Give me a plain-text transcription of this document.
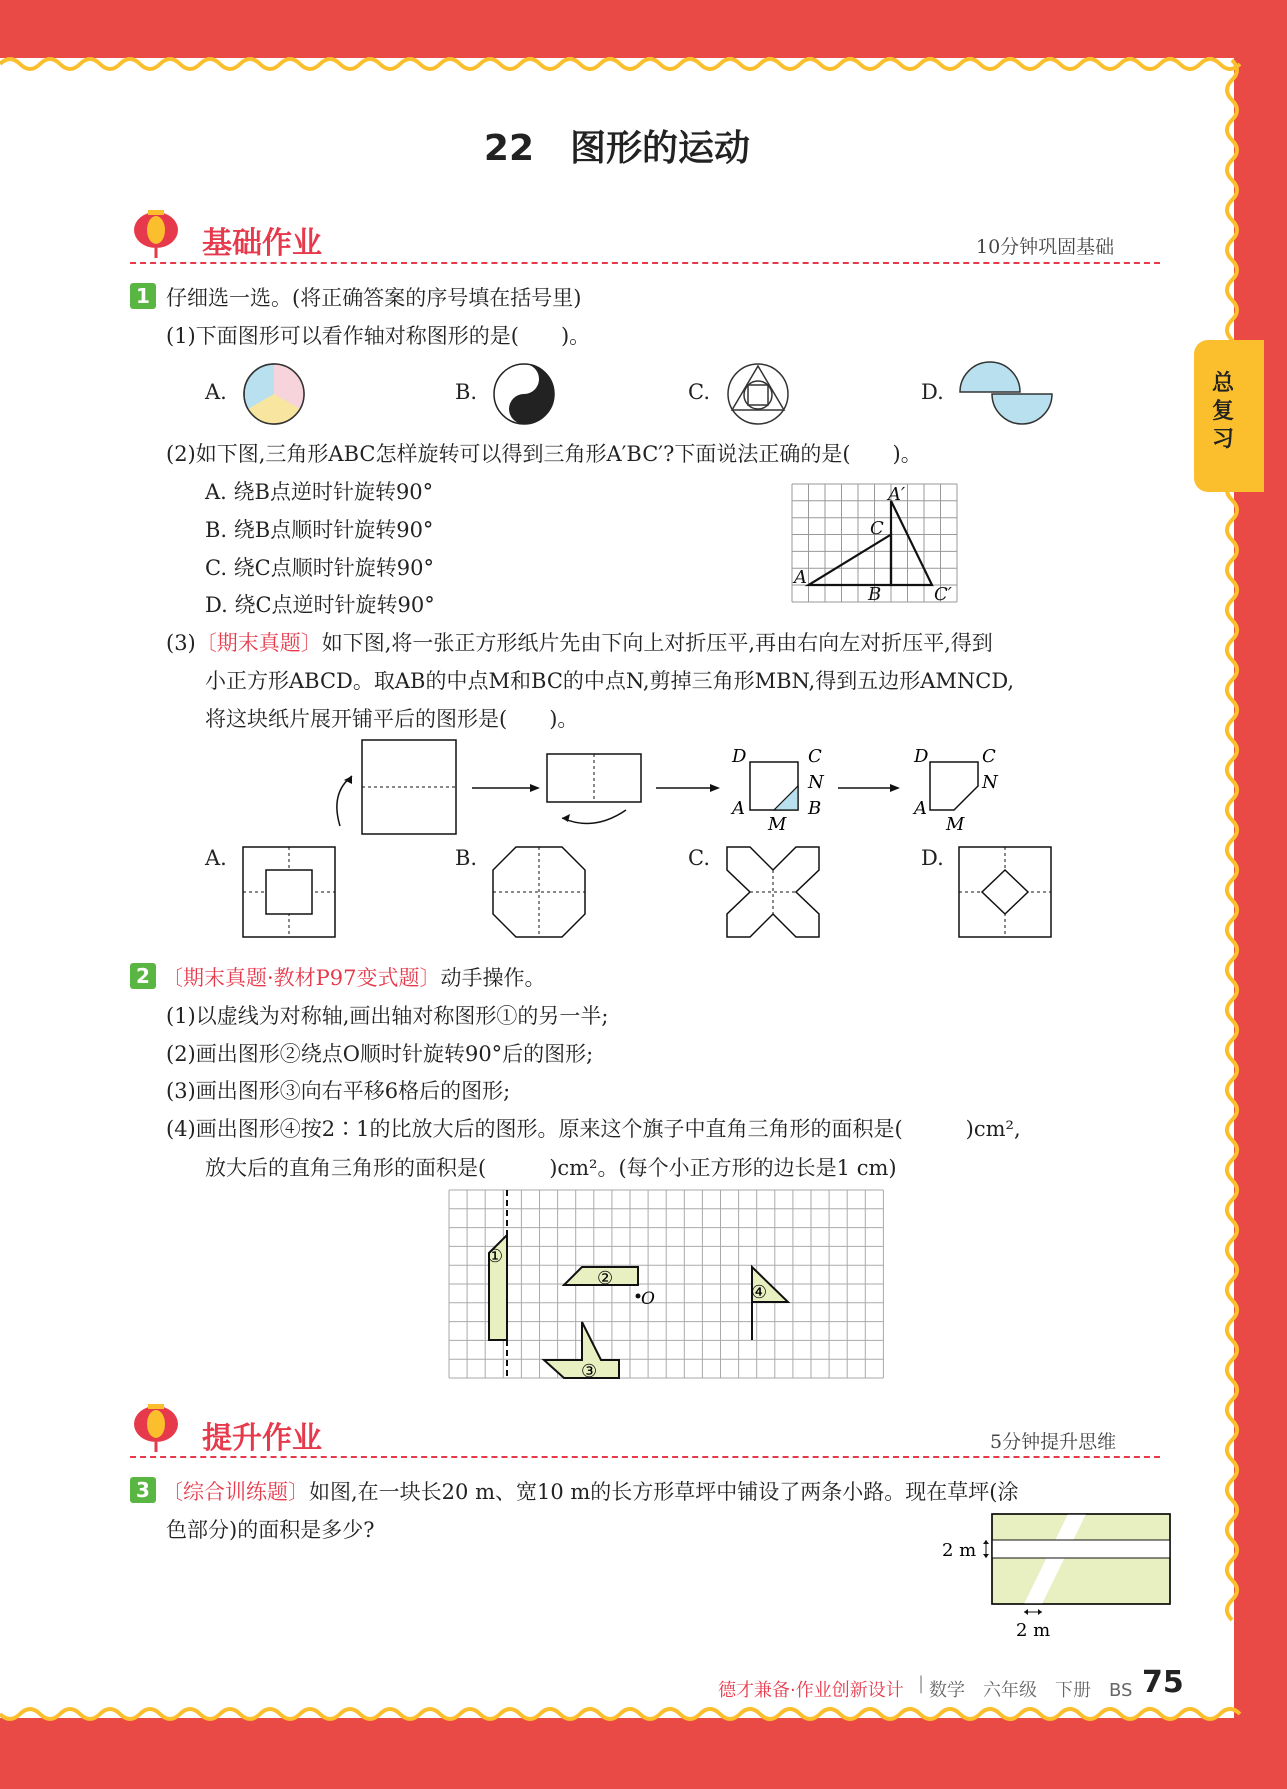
总复习
22　 图形的运动
基础作业	10分钟巩固基础
1 仔细选一选。(将正确答案的序号填在括号里)
(1)下面图形可以看作轴对称图形的是(　　)。
A.	B.	C.	D.
(2)如下图,三角形ABC怎样旋转可以得到三角形A′BC′?下面说法正确的是(　　)。
A. 绕B点逆时针旋转90°
B. 绕B点顺时针旋转90°
C. 绕C点顺时针旋转90°
D. 绕C点逆时针旋转90°
A′
C
A
B	C′
(3)〔期末真题〕如下图,将一张正方形纸片先由下向上对折压平,再由右向左对折压平,得到
小正方形ABCD。取AB的中点M和BC的中点N,剪掉三角形MBN,得到五边形AMNCD,
将这块纸片展开铺平后的图形是(　　)。
D	C
N
A
M
B
D	C
N
A
M
A.	B.	C.	D.
2 〔期末真题·教材P97变式题〕动手操作。
(1)以虚线为对称轴,画出轴对称图形①的另一半;
(2)画出图形②绕点O顺时针旋转90°后的图形;
(3)画出图形③向右平移6格后的图形;
(4)画出图形④按2∶1的比放大后的图形。原来这个旗子中直角三角形的面积是(　　　)cm²,
放大后的直角三角形的面积是(　　　)cm²。(每个小正方形的边长是1 cm)
①
②
O
③
④
提升作业	5分钟提升思维
3 〔综合训练题〕如图,在一块长20 m、宽10 m的长方形草坪中铺设了两条小路。现在草坪(涂
色部分)的面积是多少?
2 m
2 m
德才兼备·作业创新设计 | 数学　六年级　下册　BS 75
